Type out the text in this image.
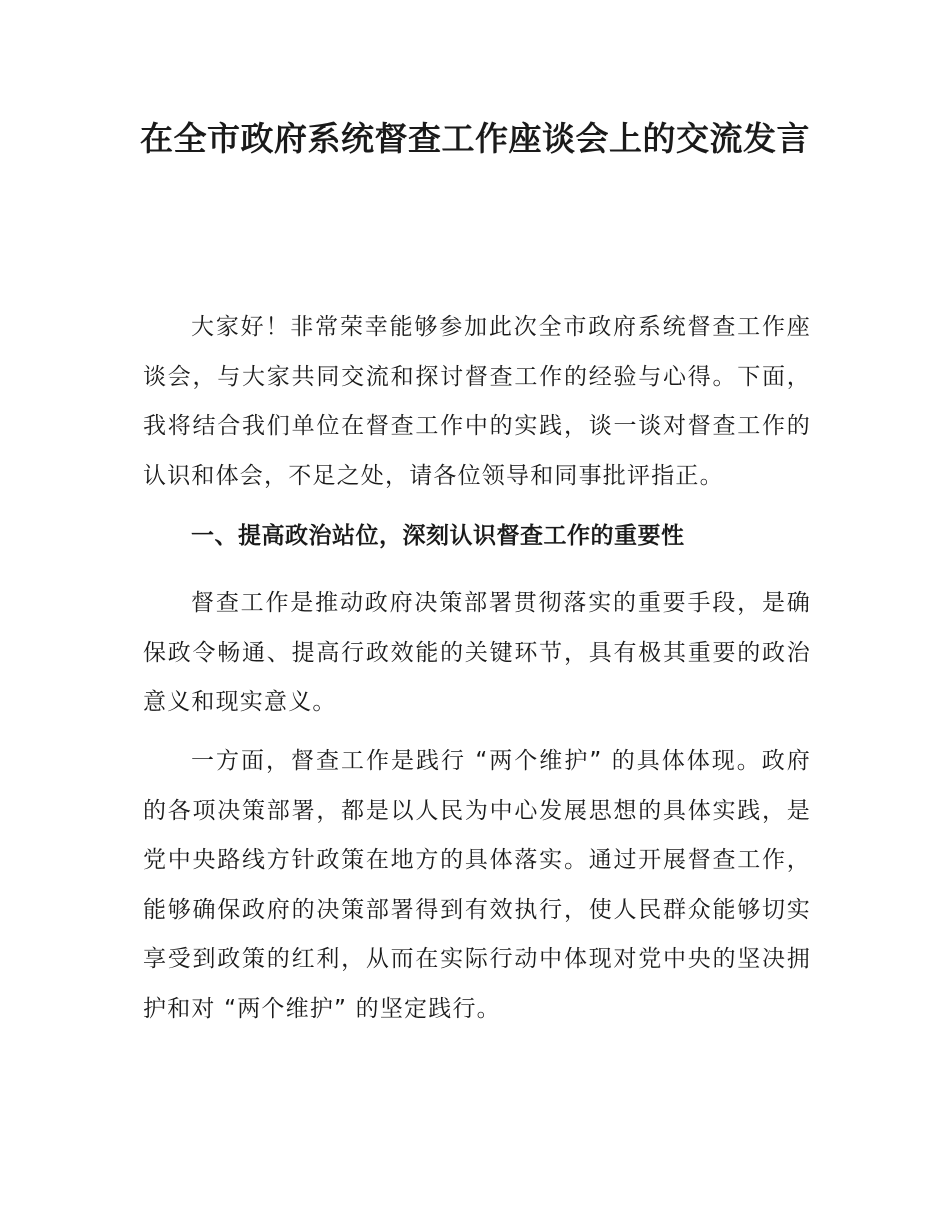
在全市政府系统督查工作座谈会上的交流发言

大家好！非常荣幸能够参加此次全市政府系统督查工作座谈会，与大家共同交流和探讨督查工作的经验与心得。下面，我将结合我们单位在督查工作中的实践，谈一谈对督查工作的认识和体会，不足之处，请各位领导和同事批评指正。

一、提高政治站位，深刻认识督查工作的重要性

督查工作是推动政府决策部署贯彻落实的重要手段，是确保政令畅通、提高行政效能的关键环节，具有极其重要的政治意义和现实意义。

一方面，督查工作是践行 “两个维护” 的具体体现。政府的各项决策部署，都是以人民为中心发展思想的具体实践，是党中央路线方针政策在地方的具体落实。通过开展督查工作，能够确保政府的决策部署得到有效执行，使人民群众能够切实享受到政策的红利，从而在实际行动中体现对党中央的坚决拥护和对 “两个维护” 的坚定践行。
